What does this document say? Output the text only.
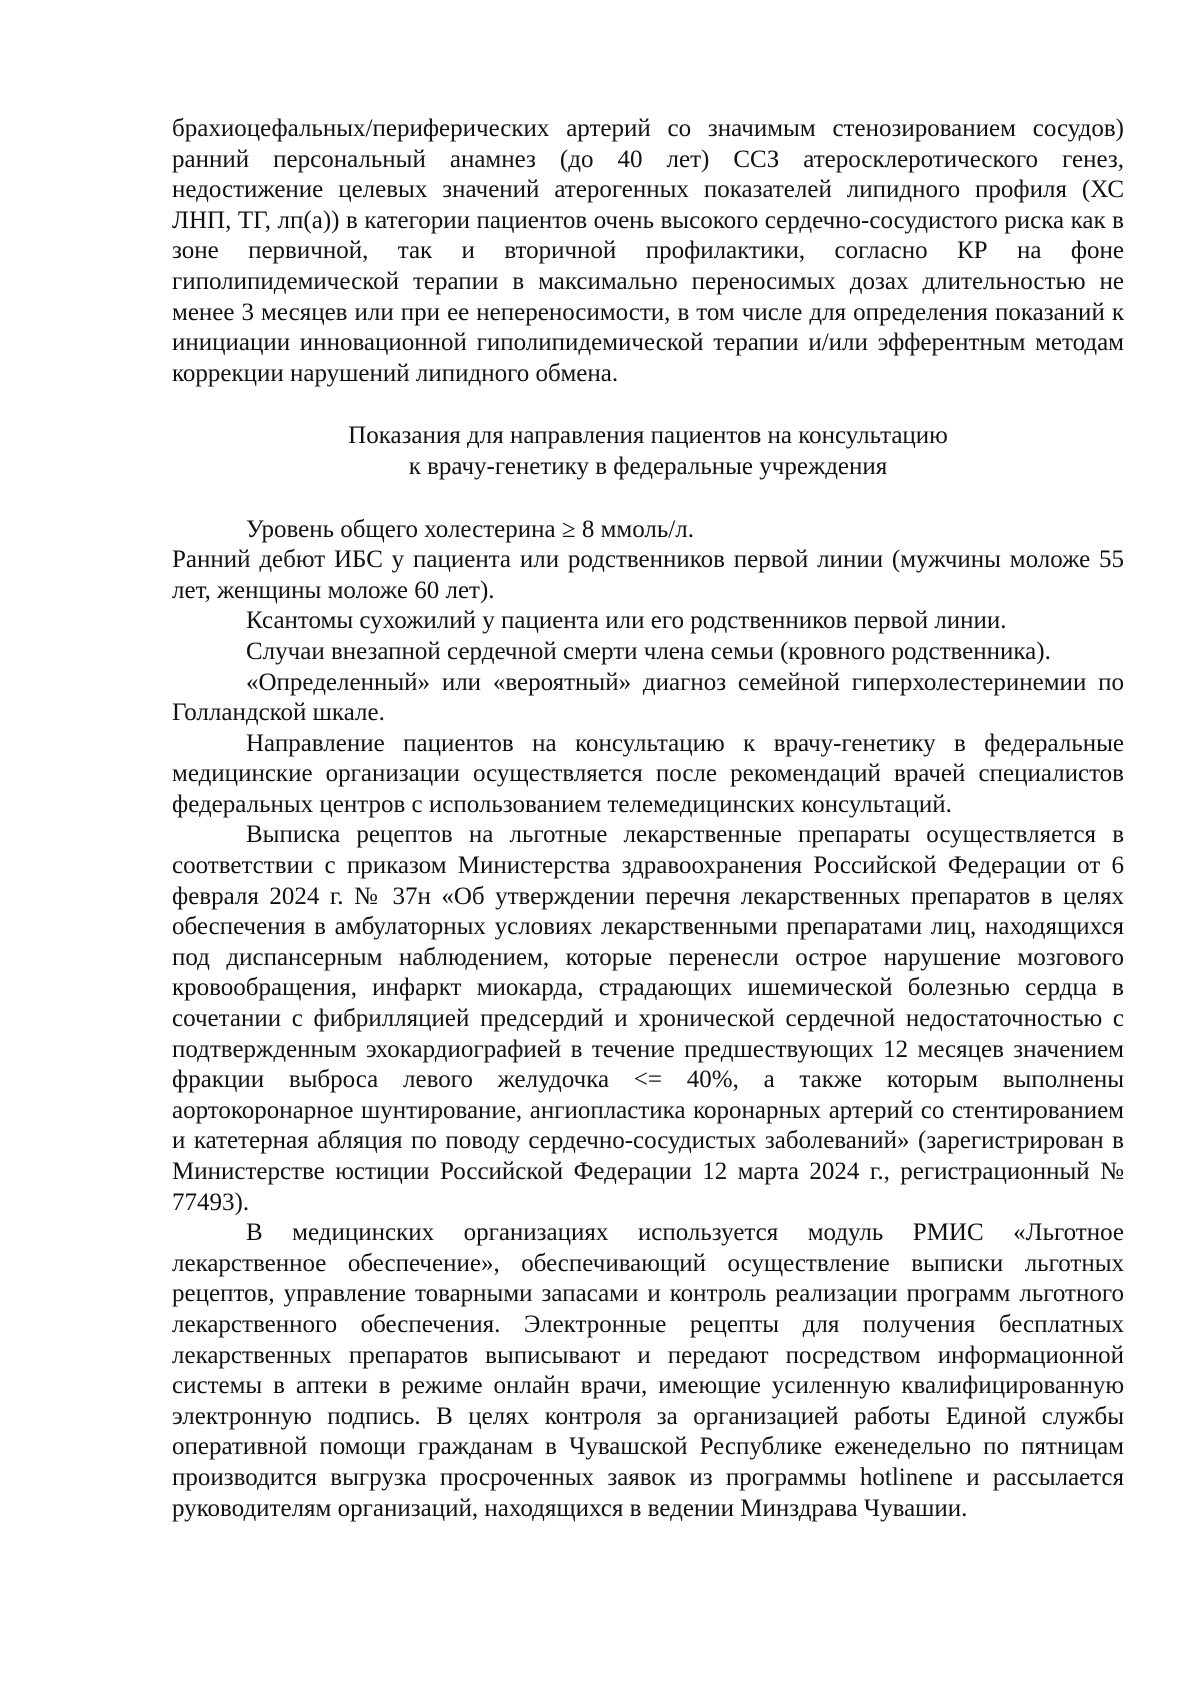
брахиоцефальных/периферических артерий со значимым стенозированием сосудов) ранний персональный анамнез (до 40 лет) ССЗ атеросклеротического генез, недостижение целевых значений атерогенных показателей липидного профиля (ХС ЛНП, ТГ, лп(а)) в категории пациентов очень высокого сердечно-сосудистого риска как в зоне первичной, так и вторичной профилактики, согласно КР на фоне гиполипидемической терапии в максимально переносимых дозах длительностью не менее 3 месяцев или при ее непереносимости, в том числе для определения показаний к инициации инновационной гиполипидемической терапии и/или эфферентным методам коррекции нарушений липидного обмена.

Показания для направления пациентов на консультацию
к врачу-генетику в федеральные учреждения

Уровень общего холестерина ≥ 8 ммоль/л.

Ранний дебют ИБС у пациента или родственников первой линии (мужчины моложе 55 лет, женщины моложе 60 лет).

Ксантомы сухожилий у пациента или его родственников первой линии.

Случаи внезапной сердечной смерти члена семьи (кровного родственника).

«Определенный» или «вероятный» диагноз семейной гиперхолестеринемии по Голландской шкале.

Направление пациентов на консультацию к врачу-генетику в федеральные медицинские организации осуществляется после рекомендаций врачей специалистов федеральных центров с использованием телемедицинских консультаций.

Выписка рецептов на льготные лекарственные препараты осуществляется в соответствии с приказом Министерства здравоохранения Российской Федерации от 6 февраля 2024 г. № 37н «Об утверждении перечня лекарственных препаратов в целях обеспечения в амбулаторных условиях лекарственными препаратами лиц, находящихся под диспансерным наблюдением, которые перенесли острое нарушение мозгового кровообращения, инфаркт миокарда, страдающих ишемической болезнью сердца в сочетании с фибрилляцией предсердий и хронической сердечной недостаточностью с подтвержденным эхокардиографией в течение предшествующих 12 месяцев значением фракции выброса левого желудочка <= 40%, а также которым выполнены аортокоронарное шунтирование, ангиопластика коронарных артерий со стентированием и катетерная абляция по поводу сердечно-сосудистых заболеваний» (зарегистрирован в Министерстве юстиции Российской Федерации 12 марта 2024 г., регистрационный № 77493).

В медицинских организациях используется модуль РМИС «Льготное лекарственное обеспечение», обеспечивающий осуществление выписки льготных рецептов, управление товарными запасами и контроль реализации программ льготного лекарственного обеспечения. Электронные рецепты для получения бесплатных лекарственных препаратов выписывают и передают посредством информационной системы в аптеки в режиме онлайн врачи, имеющие усиленную квалифицированную электронную подпись. В целях контроля за организацией работы Единой службы оперативной помощи гражданам в Чувашской Республике еженедельно по пятницам производится выгрузка просроченных заявок из программы hotlinene и рассылается руководителям организаций, находящихся в ведении Минздрава Чувашии.
